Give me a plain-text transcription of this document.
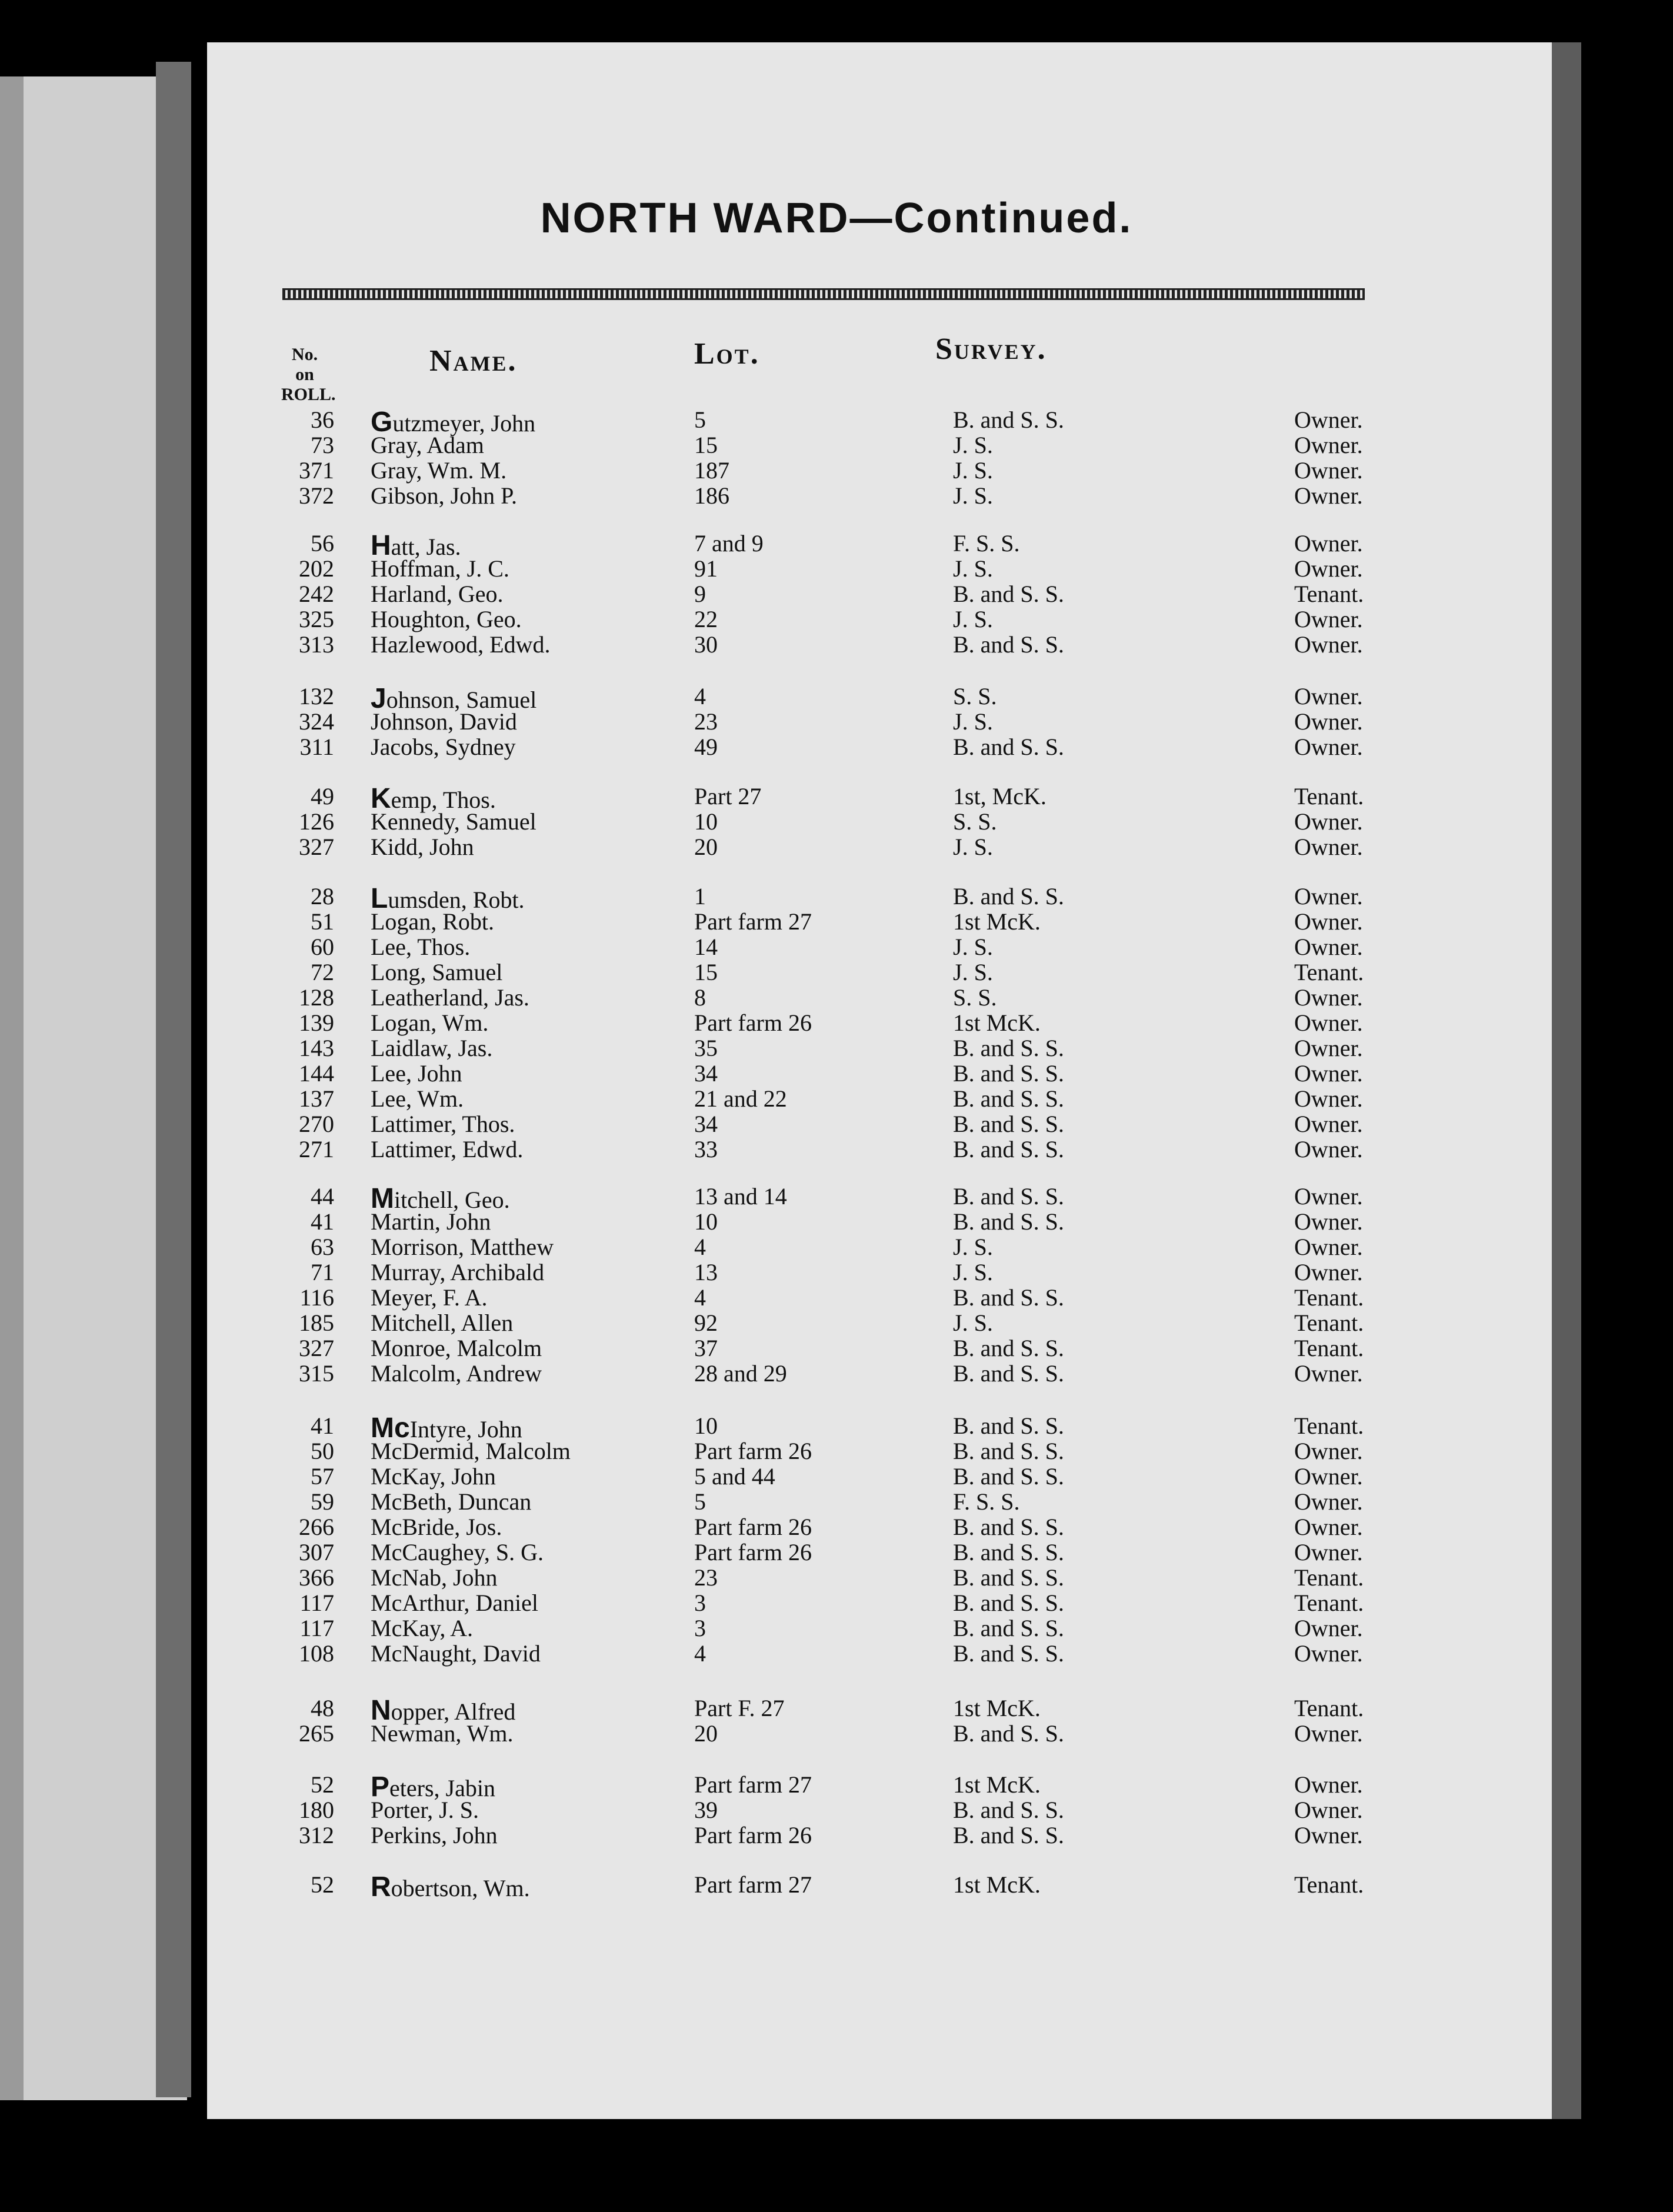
NORTH WARD—Continued.
No. on
ROLL.
Name.	Lot.	Survey.
36 Gutzmeyer, John	5	B. and S. S.	Owner.
73 Gray, Adam	15	J. S.	Owner.
371 Gray, Wm. M.	187	J. S.	Owner.
372 Gibson, John P.	186	J. S.	Owner.
56 Hatt, Jas.	7 and 9	F. S. S.	Owner.
202 Hoffman, J. C.	91	J. S.	Owner.
242 Harland, Geo.	9	B. and S. S.	Tenant.
325 Houghton, Geo.	22	J. S.	Owner.
313 Hazlewood, Edwd.	30	B. and S. S.	Owner.
132 Johnson, Samuel	4	S. S.	Owner.
324 Johnson, David	23	J. S.	Owner.
311 Jacobs, Sydney	49	B. and S. S.	Owner.
49 Kemp, Thos.	Part 27	1st, McK.	Tenant.
126 Kennedy, Samuel	10	S. S.	Owner.
327 Kidd, John	20	J. S.	Owner.
28 Lumsden, Robt.	1	B. and S. S.	Owner.
51 Logan, Robt.	Part farm 27	1st McK.	Owner.
60 Lee, Thos.	14	J. S.	Owner.
72 Long, Samuel	15	J. S.	Tenant.
128 Leatherland, Jas.	8	S. S.	Owner.
139 Logan, Wm.	Part farm 26	1st McK.	Owner.
143 Laidlaw, Jas.	35	B. and S. S.	Owner.
144 Lee, John	34	B. and S. S.	Owner.
137 Lee, Wm.	21 and 22	B. and S. S.	Owner.
270 Lattimer, Thos.	34	B. and S. S.	Owner.
271 Lattimer, Edwd.	33	B. and S. S.	Owner.
44 Mitchell, Geo.	13 and 14	B. and S. S.	Owner.
41 Martin, John	10	B. and S. S.	Owner.
63 Morrison, Matthew	4	J. S.	Owner.
71 Murray, Archibald	13	J. S.	Owner.
116 Meyer, F. A.	4	B. and S. S.	Tenant.
185 Mitchell, Allen	92	J. S.	Tenant.
327 Monroe, Malcolm	37	B. and S. S.	Tenant.
315 Malcolm, Andrew	28 and 29	B. and S. S.	Owner.
41 McIntyre, John	10	B. and S. S.	Tenant.
50 McDermid, Malcolm	Part farm 26	B. and S. S.	Owner.
57 McKay, John	5 and 44	B. and S. S.	Owner.
59 McBeth, Duncan	5	F. S. S.	Owner.
266 McBride, Jos.	Part farm 26	B. and S. S.	Owner.
307 McCaughey, S. G.	Part farm 26	B. and S. S.	Owner.
366 McNab, John	23	B. and S. S.	Tenant.
117 McArthur, Daniel	3	B. and S. S.	Tenant.
117 McKay, A.	3	B. and S. S.	Owner.
108 McNaught, David	4	B. and S. S.	Owner.
48 Nopper, Alfred	Part F. 27	1st McK.	Tenant.
265 Newman, Wm.	20	B. and S. S.	Owner.
52 Peters, Jabin	Part farm 27	1st McK.	Owner.
180 Porter, J. S.	39	B. and S. S.	Owner.
312 Perkins, John	Part farm 26	B. and S. S.	Owner.
52 Robertson, Wm.	Part farm 27	1st McK.	Tenant.
